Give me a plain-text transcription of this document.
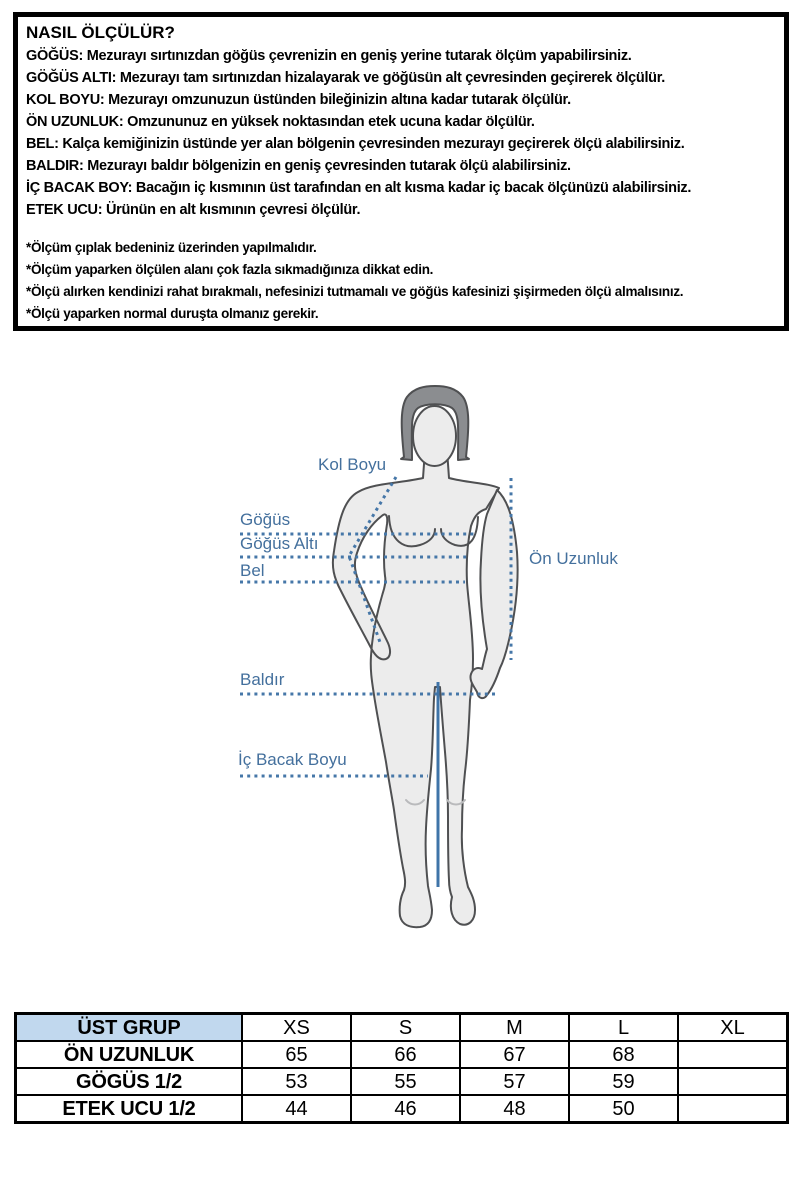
NASIL ÖLÇÜLÜR?
GÖĞÜS: Mezurayı sırtınızdan göğüs çevrenizin en geniş yerine tutarak ölçüm yapabilirsiniz.
GÖĞÜS ALTI: Mezurayı tam sırtınızdan hizalayarak ve göğüsün alt çevresinden geçirerek ölçülür.
KOL BOYU: Mezurayı omzunuzun üstünden bileğinizin altına kadar tutarak ölçülür.
ÖN UZUNLUK: Omzununuz en yüksek noktasından etek ucuna kadar ölçülür.
BEL: Kalça kemiğinizin üstünde yer alan bölgenin çevresinden mezurayı geçirerek ölçü alabilirsiniz.
BALDIR: Mezurayı baldır bölgenizin en geniş çevresinden tutarak ölçü alabilirsiniz.
İÇ BACAK BOY: Bacağın iç kısmının üst tarafından en alt kısma kadar iç bacak ölçünüzü alabilirsiniz.
ETEK UCU: Ürünün en alt kısmının çevresi ölçülür.
*Ölçüm çıplak bedeniniz üzerinden yapılmalıdır.
*Ölçüm yaparken ölçülen alanı çok fazla sıkmadığınıza dikkat edin.
*Ölçü alırken kendinizi rahat bırakmalı, nefesinizi tutmamalı ve göğüs kafesinizi şişirmeden ölçü almalısınız.
*Ölçü yaparken normal duruşta olmanız gerekir.
Kol Boyu
Göğüs
Göğüs Altı
Bel
Ön Uzunluk
Baldır
İç Bacak Boyu
ÜST GRUP	XS	S	M	L	XL
ÖN UZUNLUK	65	66	67	68	
GÖGÜS 1/2	53	55	57	59	
ETEK UCU 1/2	44	46	48	50	
